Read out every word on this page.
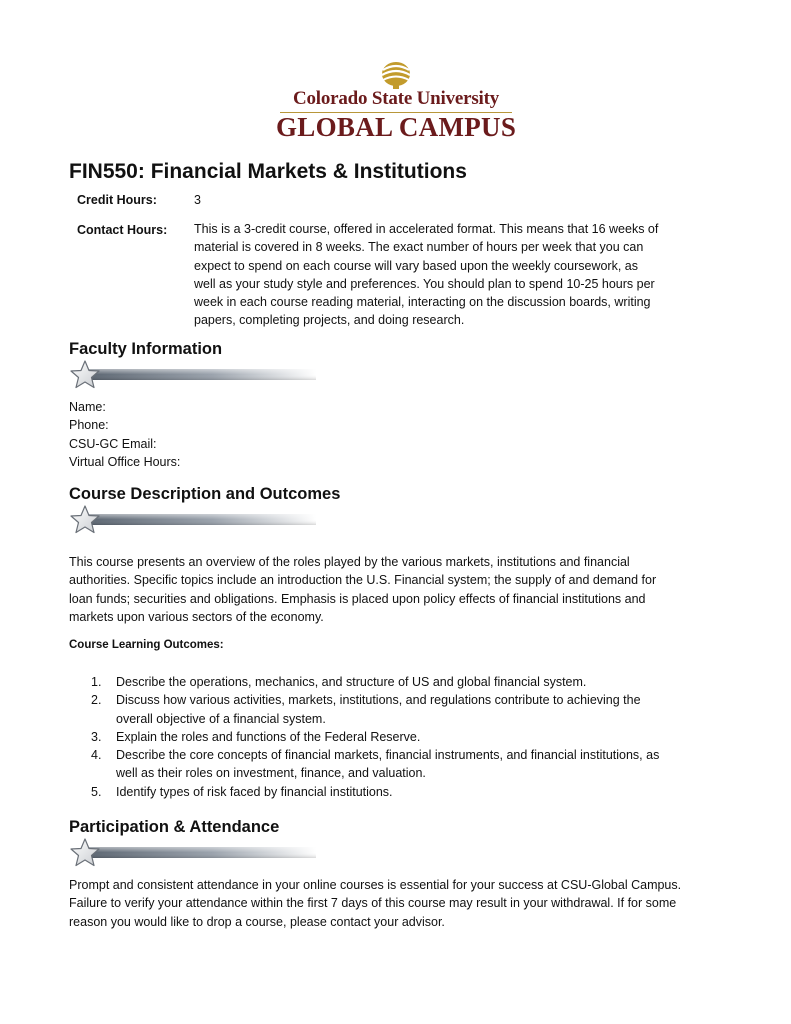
Colorado State University
GLOBAL CAMPUS
FIN550: Financial Markets & Institutions
Credit Hours:	3
Contact Hours: This is a 3-credit course, offered in accelerated format. This means that 16 weeks of
material is covered in 8 weeks. The exact number of hours per week that you can
expect to spend on each course will vary based upon the weekly coursework, as
well as your study style and preferences. You should plan to spend 10-25 hours per
week in each course reading material, interacting on the discussion boards, writing
papers, completing projects, and doing research.
Faculty Information
Name:
Phone:
CSU-GC Email:
Virtual Office Hours:
Course Description and Outcomes
This course presents an overview of the roles played by the various markets, institutions and financial
authorities. Specific topics include an introduction the U.S. Financial system; the supply of and demand for
loan funds; securities and obligations. Emphasis is placed upon policy effects of financial institutions and
markets upon various sectors of the economy.
Course Learning Outcomes:
1. Describe the operations, mechanics, and structure of US and global financial system.
2. Discuss how various activities, markets, institutions, and regulations contribute to achieving the
overall objective of a financial system.
3. Explain the roles and functions of the Federal Reserve.
4. Describe the core concepts of financial markets, financial instruments, and financial institutions, as
well as their roles on investment, finance, and valuation.
5. Identify types of risk faced by financial institutions.
Participation & Attendance
Prompt and consistent attendance in your online courses is essential for your success at CSU-Global Campus.
Failure to verify your attendance within the first 7 days of this course may result in your withdrawal. If for some
reason you would like to drop a course, please contact your advisor.
